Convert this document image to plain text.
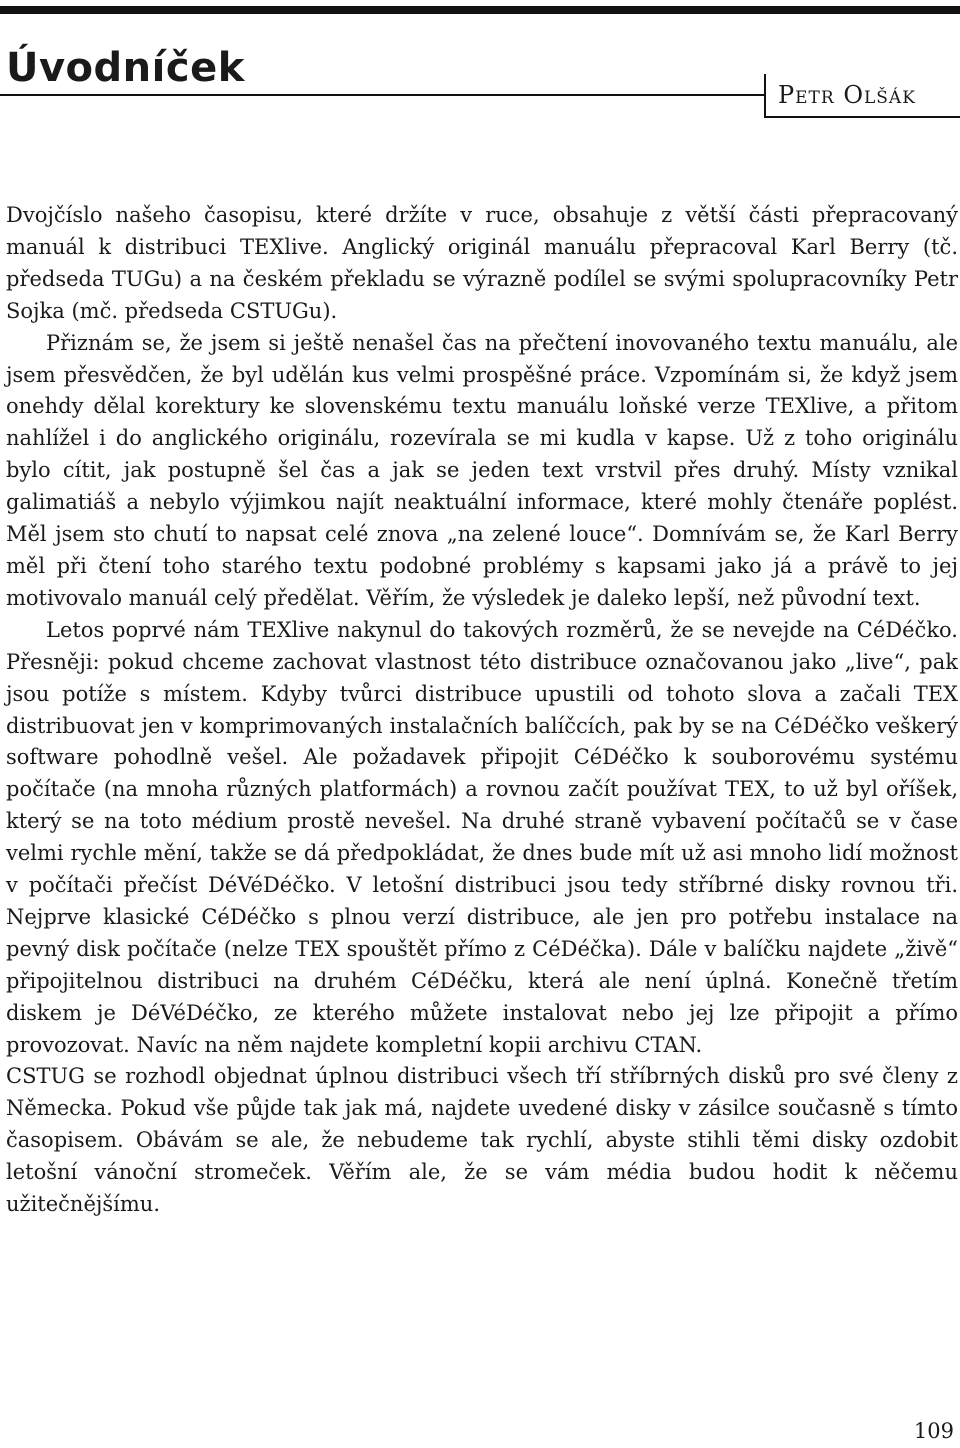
Úvodníček
Petr Olšák

Dvojčíslo našeho časopisu, které držíte v ruce, obsahuje z větší části přepracovaný manuál k distribuci TEXlive. Anglický originál manuálu přepracoval Karl Berry (tč. předseda TUGu) a na českém překladu se výrazně podílel se svými spolupracovníky Petr Sojka (mč. předseda CSTUGu).

Přiznám se, že jsem si ještě nenašel čas na přečtení inovovaného textu manuálu, ale jsem přesvědčen, že byl udělán kus velmi prospěšné práce. Vzpomínám si, že když jsem onehdy dělal korektury ke slovenskému textu manuálu loňské verze TEXlive, a přitom nahlížel i do anglického originálu, rozevírala se mi kudla v kapse. Už z toho originálu bylo cítit, jak postupně šel čas a jak se jeden text vrstvil přes druhý. Místy vznikal galimatiáš a nebylo výjimkou najít neaktuální informace, které mohly čtenáře poplést. Měl jsem sto chutí to napsat celé znova „na zelené louce“. Domnívám se, že Karl Berry měl při čtení toho starého textu podobné problémy s kapsami jako já a právě to jej motivovalo manuál celý předělat. Věřím, že výsledek je daleko lepší, než původní text.

Letos poprvé nám TEXlive nakynul do takových rozměrů, že se nevejde na CéDéčko. Přesněji: pokud chceme zachovat vlastnost této distribuce označovanou jako „live“, pak jsou potíže s místem. Kdyby tvůrci distribuce upustili od tohoto slova a začali TEX distribuovat jen v komprimovaných instalačních balíčcích, pak by se na CéDéčko veškerý software pohodlně vešel. Ale požadavek připojit CéDéčko k souborovému systému počítače (na mnoha různých platformách) a rovnou začít používat TEX, to už byl oříšek, který se na toto médium prostě nevešel. Na druhé straně vybavení počítačů se v čase velmi rychle mění, takže se dá předpokládat, že dnes bude mít už asi mnoho lidí možnost v počítači přečíst DéVéDéčko. V letošní distribuci jsou tedy stříbrné disky rovnou tři. Nejprve klasické CéDéčko s plnou verzí distribuce, ale jen pro potřebu instalace na pevný disk počítače (nelze TEX spouštět přímo z CéDéčka). Dále v balíčku najdete „živě“ připojitelnou distribuci na druhém CéDéčku, která ale není úplná. Konečně třetím diskem je DéVéDéčko, ze kterého můžete instalovat nebo jej lze připojit a přímo provozovat. Navíc na něm najdete kompletní kopii archivu CTAN.

CSTUG se rozhodl objednat úplnou distribuci všech tří stříbrných disků pro své členy z Německa. Pokud vše půjde tak jak má, najdete uvedené disky v zásilce současně s tímto časopisem. Obávám se ale, že nebudeme tak rychlí, abyste stihli těmi disky ozdobit letošní vánoční stromeček. Věřím ale, že se vám média budou hodit k něčemu užitečnějšímu.

109
